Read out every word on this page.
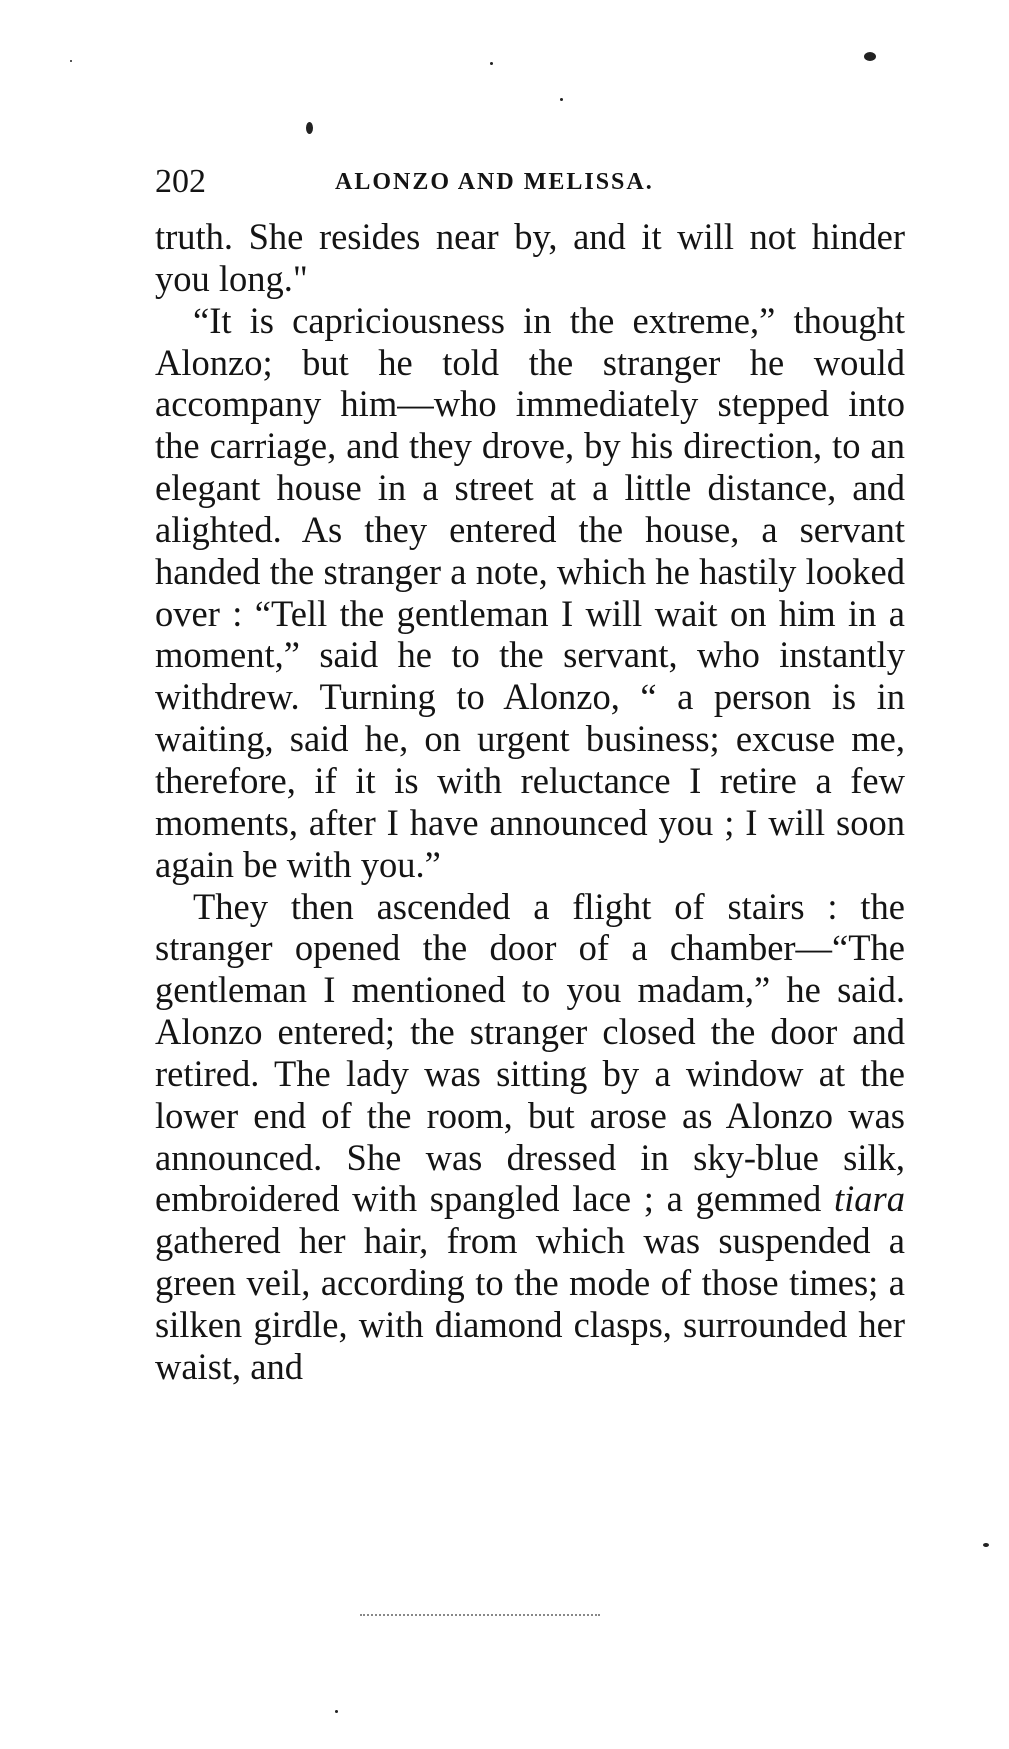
202	ALONZO AND MELISSA.

truth. She resides near by, and it will not hinder you long."

“It is capriciousness in the extreme,” thought Alonzo; but he told the stranger he would accompany him—who immediately stepped into the carriage, and they drove, by his direction, to an elegant house in a street at a little distance, and alighted. As they entered the house, a servant handed the stranger a note, which he hastily looked over : “Tell the gentleman I will wait on him in a moment,” said he to the servant, who instantly withdrew. Turning to Alonzo, “ a person is in waiting, said he, on urgent business; excuse me, therefore, if it is with reluctance I retire a few moments, after I have announced you ; I will soon again be with you.”

They then ascended a flight of stairs : the stranger opened the door of a chamber—“The gentleman I mentioned to you madam,” he said. Alonzo entered; the stranger closed the door and retired. The lady was sitting by a window at the lower end of the room, but arose as Alonzo was announced. She was dressed in sky-blue silk, embroidered with spangled lace ; a gemmed tiara gathered her hair, from which was suspended a green veil, according to the mode of those times; a silken girdle, with diamond clasps, surrounded her waist, and
